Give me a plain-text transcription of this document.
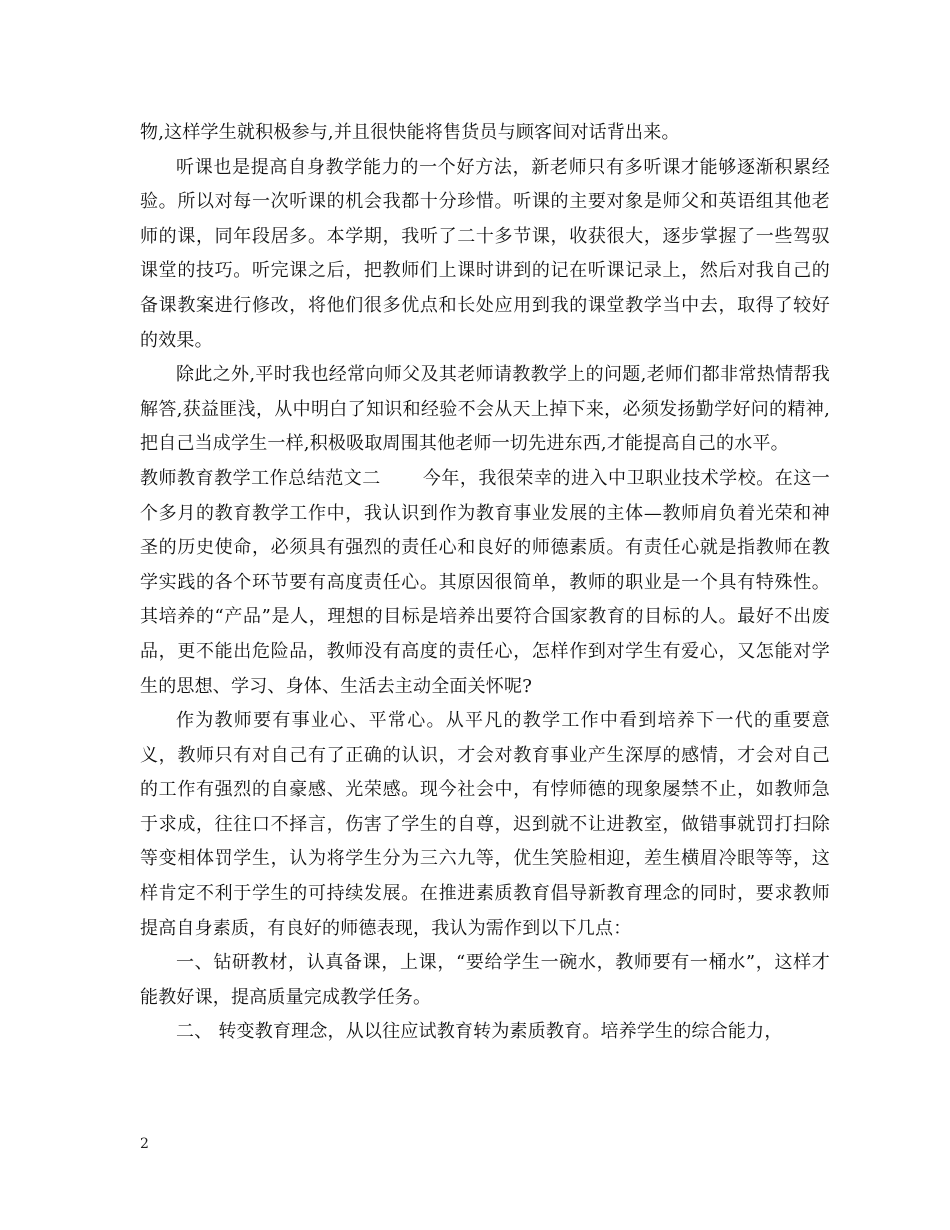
物,这样学生就积极参与,并且很快能将售货员与顾客间对话背出来。

听课也是提高自身教学能力的一个好方法，新老师只有多听课才能够逐渐积累经验。所以对每一次听课的机会我都十分珍惜。听课的主要对象是师父和英语组其他老师的课，同年段居多。本学期，我听了二十多节课，收获很大，逐步掌握了一些驾驭课堂的技巧。听完课之后，把教师们上课时讲到的记在听课记录上，然后对我自己的备课教案进行修改，将他们很多优点和长处应用到我的课堂教学当中去，取得了较好的效果。

除此之外,平时我也经常向师父及其老师请教教学上的问题,老师们都非常热情帮我解答,获益匪浅，从中明白了知识和经验不会从天上掉下来，必须发扬勤学好问的精神,把自己当成学生一样,积极吸取周围其他老师一切先进东西,才能提高自己的水平。

教师教育教学工作总结范文二 今年，我很荣幸的进入中卫职业技术学校。在这一个多月的教育教学工作中，我认识到作为教育事业发展的主体—教师肩负着光荣和神圣的历史使命，必须具有强烈的责任心和良好的师德素质。有责任心就是指教师在教学实践的各个环节要有高度责任心。其原因很简单，教师的职业是一个具有特殊性。其培养的“产品”是人，理想的目标是培养出要符合国家教育的目标的人。最好不出废品，更不能出危险品，教师没有高度的责任心，怎样作到对学生有爱心，又怎能对学生的思想、学习、身体、生活去主动全面关怀呢?

作为教师要有事业心、平常心。从平凡的教学工作中看到培养下一代的重要意义，教师只有对自己有了正确的认识，才会对教育事业产生深厚的感情，才会对自己的工作有强烈的自豪感、光荣感。现今社会中，有悖师德的现象屡禁不止，如教师急于求成，往往口不择言，伤害了学生的自尊，迟到就不让进教室，做错事就罚打扫除等变相体罚学生，认为将学生分为三六九等，优生笑脸相迎，差生横眉冷眼等等，这样肯定不利于学生的可持续发展。在推进素质教育倡导新教育理念的同时，要求教师提高自身素质，有良好的师德表现，我认为需作到以下几点：

一、钻研教材，认真备课，上课，“要给学生一碗水，教师要有一桶水”，这样才能教好课，提高质量完成教学任务。

二、 转变教育理念，从以往应试教育转为素质教育。培养学生的综合能力，

2
